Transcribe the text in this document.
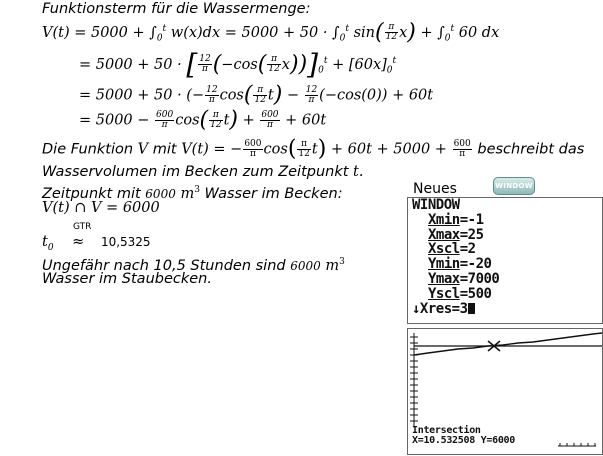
Funktionsterm für die Wassermenge:
$V(t) = 5000 + \int_0^t$ $w(x)dx = 5000 + 50 \cdot \int_0^t$ $\sin( \frac{\pi}{12} x) + \int_0^t$ 60 dx
= 5000 + 50 · [ $\frac{12}{\pi} (-\cos( \frac{\pi}{12} x))]_0^t + [60x]_0^t$
= 5000 + 50 · (− $\frac{12}{\pi} \cos( \frac{\pi}{12} t) - \frac{12}{\pi} (-\cos(0)) + 60t$
= $5000 - \frac{600}{\pi} \cos( \frac{\pi}{12} t) + \frac{600}{\pi} + 60t$
Die Funktion V mit V(t) = − $\frac{600}{\pi} \cos( \frac{\pi}{12} t) + 60t + 5000 + \frac{600}{\pi}$ beschreibt das
Wasservolumen im Becken zum Zeitpunkt t.
Zeitpunkt mit 6000 $m^3$ Wasser im Becken:
V(t) ∩ V = 6000
GTR
$t_0 \approx 10,5325$
Ungefähr nach 10,5 Stunden sind 6000 $m^3$
Wasser im Staubecken.
Neues	WINDOW
WINDOW
Xmin=-1
Xmax=25
Xscl=2
Ymin=-20
Ymax=7000
Yscl=500
↓Xres=3
Intersection
X=10.532508 Y=6000
